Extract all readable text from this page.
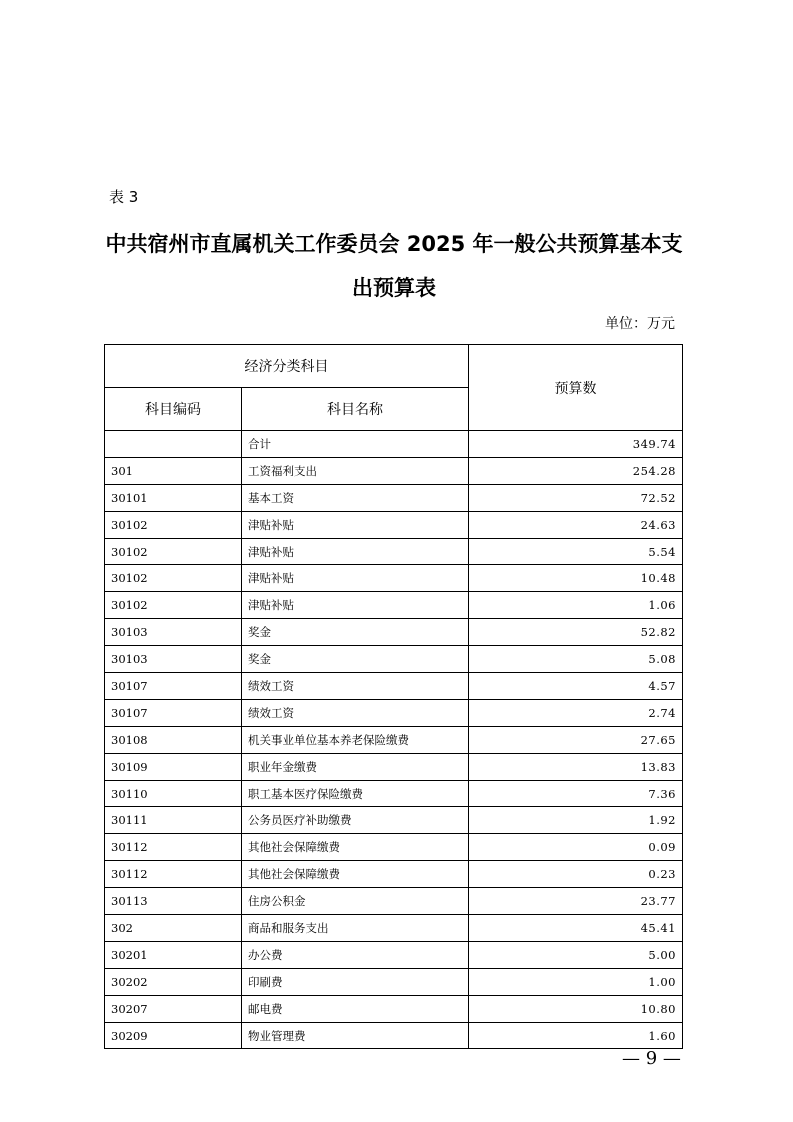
表 3

中共宿州市直属机关工作委员会 2025 年一般公共预算基本支出预算表

单位：万元

经济分类科目		预算数
科目编码	科目名称	
	合计	349.74
301	工资福利支出	254.28
30101	基本工资	72.52
30102	津贴补贴	24.63
30102	津贴补贴	5.54
30102	津贴补贴	10.48
30102	津贴补贴	1.06
30103	奖金	52.82
30103	奖金	5.08
30107	绩效工资	4.57
30107	绩效工资	2.74
30108	机关事业单位基本养老保险缴费	27.65
30109	职业年金缴费	13.83
30110	职工基本医疗保险缴费	7.36
30111	公务员医疗补助缴费	1.92
30112	其他社会保障缴费	0.09
30112	其他社会保障缴费	0.23
30113	住房公积金	23.77
302	商品和服务支出	45.41
30201	办公费	5.00
30202	印刷费	1.00
30207	邮电费	10.80
30209	物业管理费	1.60

— 9 —
